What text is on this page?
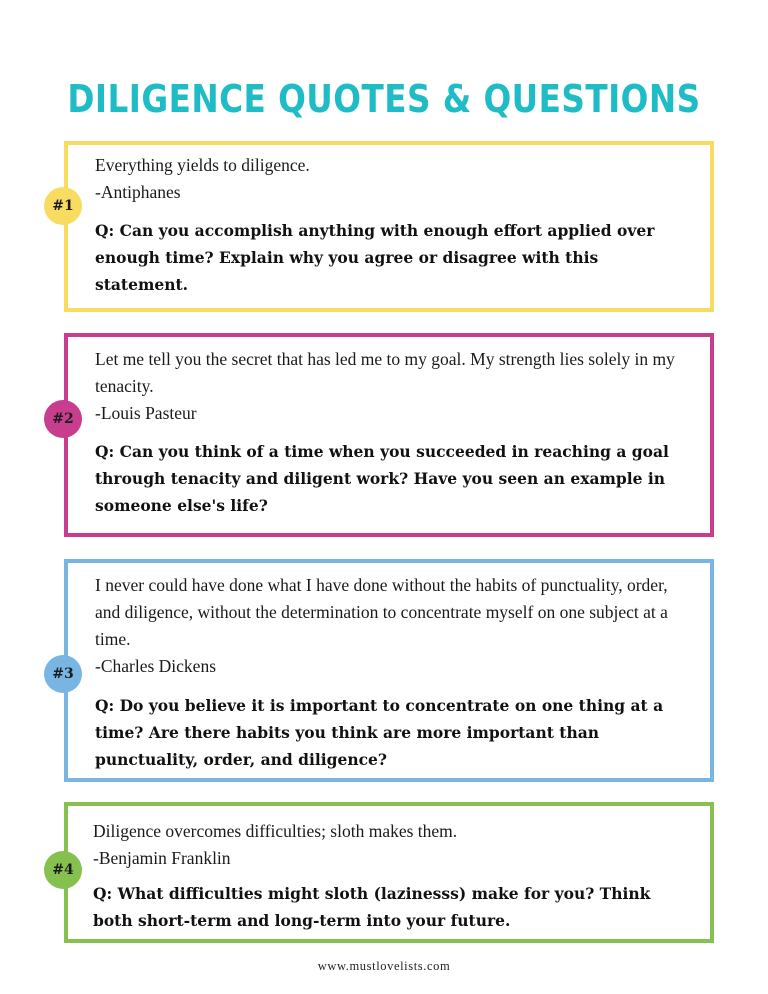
DILIGENCE QUOTES & QUESTIONS

Everything yields to diligence.

-Antiphanes

Q: Can you accomplish anything with enough effort applied over enough time? Explain why you agree or disagree with this statement.

#1

Let me tell you the secret that has led me to my goal. My strength lies solely in my tenacity.

-Louis Pasteur

Q: Can you think of a time when you succeeded in reaching a goal through tenacity and diligent work? Have you seen an example in someone else's life?

#2

I never could have done what I have done without the habits of punctuality, order, and diligence, without the determination to concentrate myself on one subject at a time.

-Charles Dickens

Q: Do you believe it is important to concentrate on one thing at a time? Are there habits you think are more important than punctuality, order, and diligence?

#3

Diligence overcomes difficulties; sloth makes them.

-Benjamin Franklin

Q: What difficulties might sloth (lazinesss) make for you? Think both short-term and long-term into your future.

#4
www.mustlovelists.com
